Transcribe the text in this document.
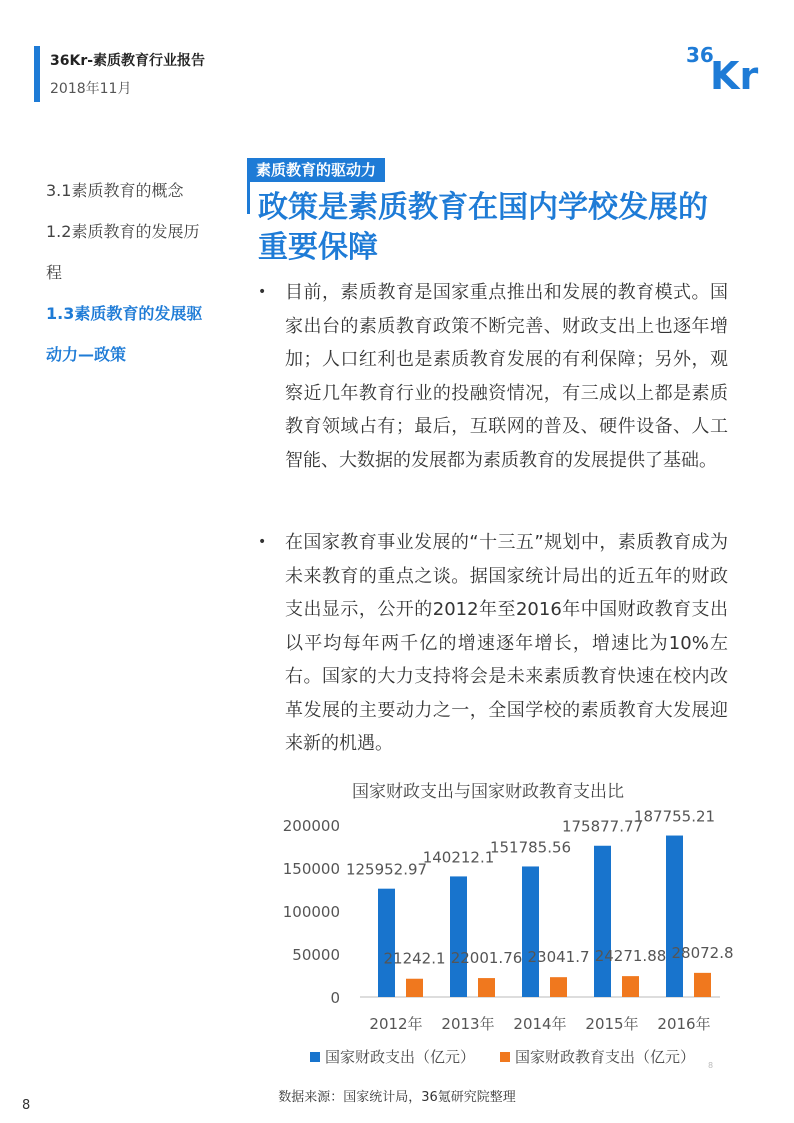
36Kr-素质教育行业报告
2018年11月
36
Kr
3.1素质教育的概念
1.2素质教育的发展历
程
1.3素质教育的发展驱
动力—政策
素质教育的驱动力
政策是素质教育在国内学校发展的重要保障
•	目前，素质教育是国家重点推出和发展的教育模式。国家出台的素质教育政策不断完善、财政支出上也逐年增加；人口红利也是素质教育发展的有利保障；另外，观察近几年教育行业的投融资情况，有三成以上都是素质教育领域占有；最后，互联网的普及、硬件设备、人工智能、大数据的发展都为素质教育的发展提供了基础。
•	在国家教育事业发展的“十三五”规划中，素质教育成为未来教育的重点之谈。据国家统计局出的近五年的财政支出显示，公开的2012年至2016年中国财政教育支出以平均每年两千亿的增速逐年增长，增速比为10%左右。国家的大力支持将会是未来素质教育快速在校内改革发展的主要动力之一，全国学校的素质教育大发展迎来新的机遇。
国家财政支出与国家财政教育支出比
0
50000
100000
150000
200000
2012年
125952.97
21242.1
2013年
140212.1
22001.76
2014年
151785.56
23041.7
2015年
175877.77
24271.88
2016年
187755.21
28072.8
国家财政支出（亿元）	国家财政教育支出（亿元） 8
数据来源：国家统计局，36氪研究院整理
8
